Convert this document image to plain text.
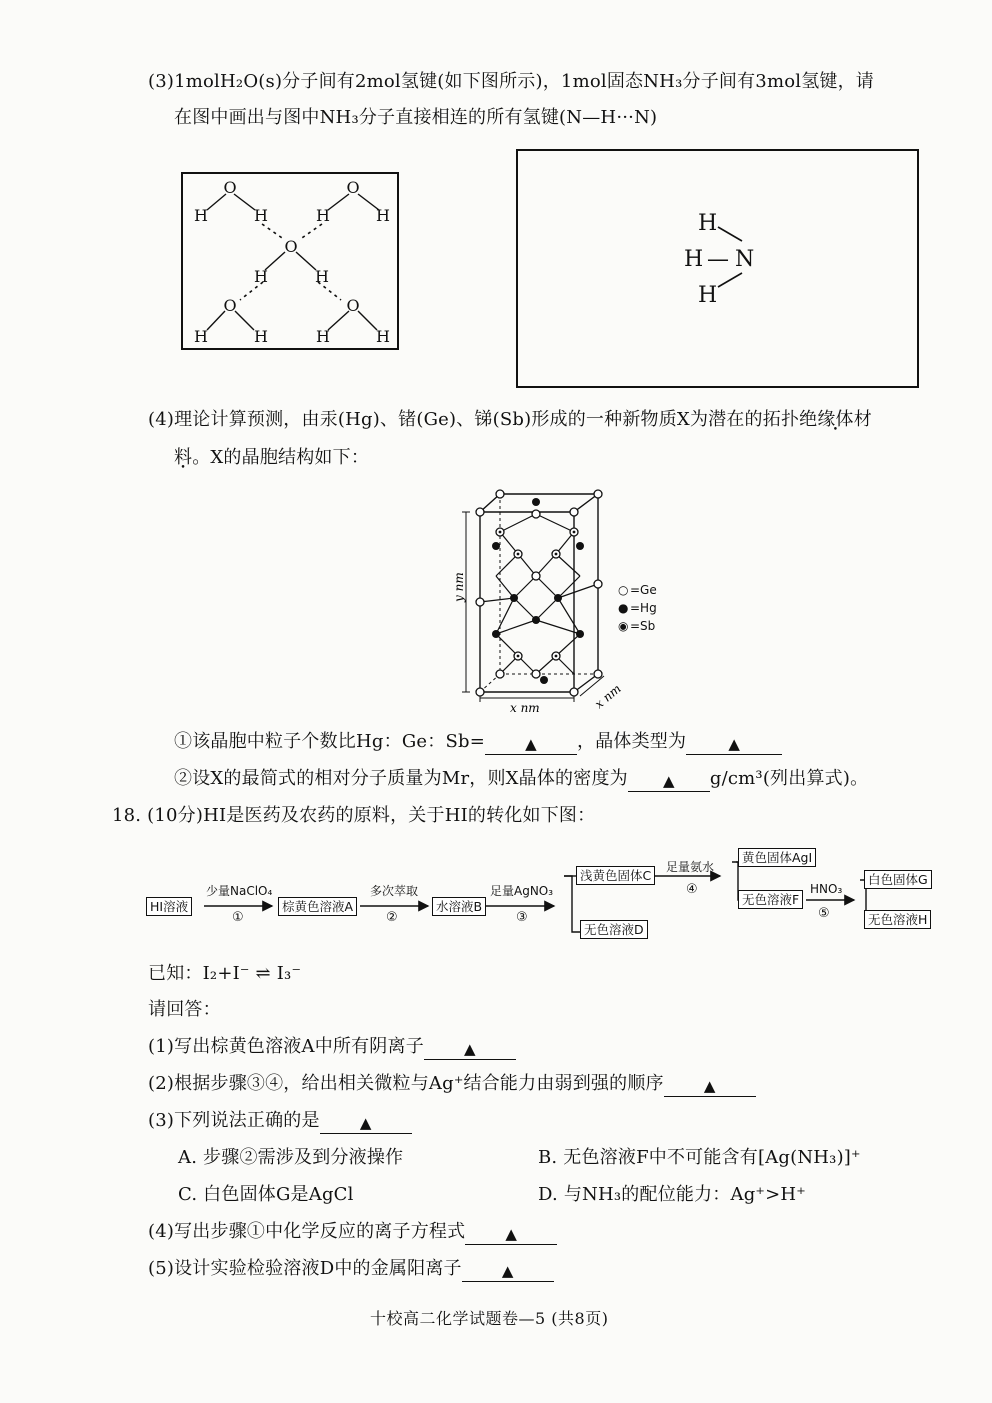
(3)1molH₂O(s)分子间有2mol氢键(如下图所示)，1mol固态NH₃分子间有3mol氢键，请
在图中画出与图中NH₃分子直接相连的所有氢键(N—H···N)
O	O
H	H	H	H
O
H	H
O	O
H	H	H	H
H
H — N
H
(4)理论计算预测，由汞(Hg)、锗(Ge)、锑(Sb)形成的一种新物质X为潜在的拓扑绝缘体材
料。X的晶胞结构如下：
y nm
x nm	x nm
○ =Ge
● =Hg
◉ =Sb
①该晶胞中粒子个数比Hg：Ge：Sb=	▲ ，晶体类型为	▲
②设X的最简式的相对分子质量为Mr，则X晶体的密度为 ▲ g/cm³(列出算式)。
18. (10分)HI是医药及农药的原料，关于HI的转化如下图：
HI溶液
少量NaClO₄
①
棕黄色溶液A
多次萃取
②
水溶液B
足量AgNO₃
③
浅黄色固体C
无色溶液D
足量氨水
④
黄色固体AgI
无色溶液F
HNO₃
⑤
白色固体G
无色溶液H
已知：I₂+I⁻ ⇌ I₃⁻
请回答：
(1)写出棕黄色溶液A中所有阴离子	▲
(2)根据步骤③④，给出相关微粒与Ag⁺结合能力由弱到强的顺序	▲
(3)下列说法正确的是	▲
A. 步骤②需涉及到分液操作	B. 无色溶液F中不可能含有[Ag(NH₃)]⁺
C. 白色固体G是AgCl	D. 与NH₃的配位能力：Ag⁺>H⁺
(4)写出步骤①中化学反应的离子方程式	▲
(5)设计实验检验溶液D中的金属阳离子	▲
十校高二化学试题卷—5 (共8页)
